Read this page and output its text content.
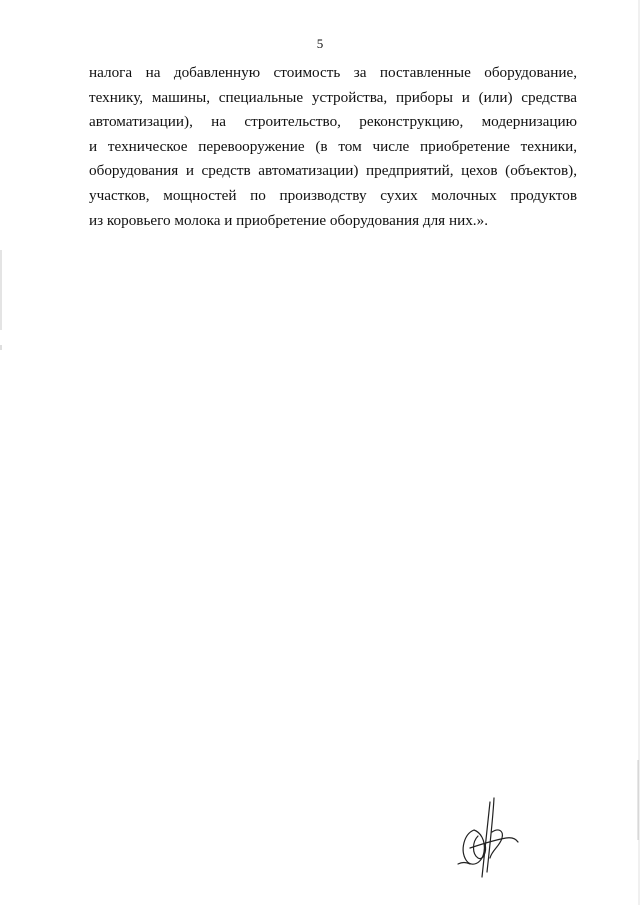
5
налога на добавленную стоимость за поставленные оборудование,
технику, машины, специальные устройства, приборы и (или) средства
автоматизации), на строительство, реконструкцию, модернизацию
и техническое перевооружение (в том числе приобретение техники,
оборудования и средств автоматизации) предприятий, цехов (объектов),
участков, мощностей по производству сухих молочных продуктов
из коровьего молока и приобретение оборудования для них.».
